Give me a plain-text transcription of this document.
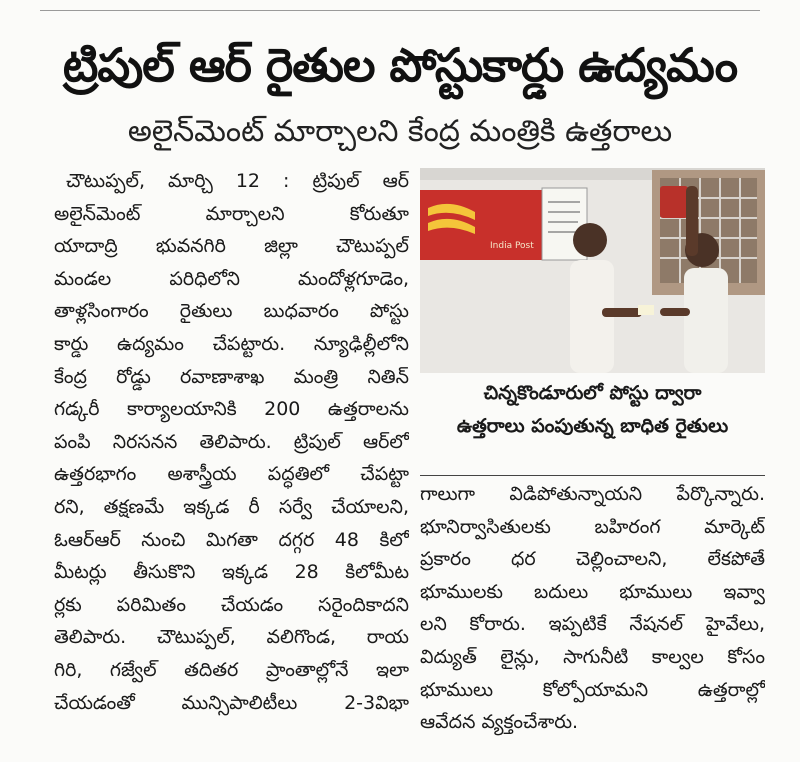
ట్రిపుల్ ఆర్ రైతుల పోస్టుకార్డు ఉద్యమం
అలైన్‌మెంట్ మార్చాలని కేంద్ర మంత్రికి ఉత్తరాలు
చౌటుప్పల్, మార్చి 12 : ట్రిపుల్ ఆర్
అలైన్‌మెంట్ మార్చాలని కోరుతూ
యాదాద్రి భువనగిరి జిల్లా చౌటుప్పల్
మండల పరిధిలోని మందోళ్లగూడెం,
తాళ్లసింగారం రైతులు బుధవారం పోస్టు
కార్డు ఉద్యమం చేపట్టారు. న్యూఢిల్లీలోని
కేంద్ర రోడ్డు రవాణాశాఖ మంత్రి నితిన్
గడ్కరీ కార్యాలయానికి 200 ఉత్తరాలను
పంపి నిరసనన తెలిపారు. ట్రిపుల్ ఆర్‌లో
ఉత్తరభాగం అశాస్త్రీయ పద్ధతిలో చేపట్టా
రని, తక్షణమే ఇక్కడ రీ సర్వే చేయాలని,
ఓఆర్ఆర్ నుంచి మిగతా దగ్గర 48 కిలో
మీటర్లు తీసుకొని ఇక్కడ 28 కిలోమీట
ర్లకు పరిమితం చేయడం సరైందికాదని
తెలిపారు. చౌటుప్పల్, వలిగొండ, రాయ
గిరి, గజ్వేల్ తదితర ప్రాంతాల్లోనే ఇలా
చేయడంతో మున్సిపాలిటీలు 2-3విభా
India Post
చిన్నకొండూరులో పోస్టు ద్వారా
ఉత్తరాలు పంపుతున్న బాధిత రైతులు
గాలుగా విడిపోతున్నాయని పేర్కొన్నారు.
భూనిర్వాసితులకు బహిరంగ మార్కెట్
ప్రకారం ధర చెల్లించాలని, లేకపోతే
భూములకు బదులు భూములు ఇవ్వా
లని కోరారు. ఇప్పటికే నేషనల్ హైవేలు,
విద్యుత్ లైన్లు, సాగునీటి కాల్వల కోసం
భూములు కోల్పోయామని ఉత్తరాల్లో
ఆవేదన వ్యక్తంచేశారు.
